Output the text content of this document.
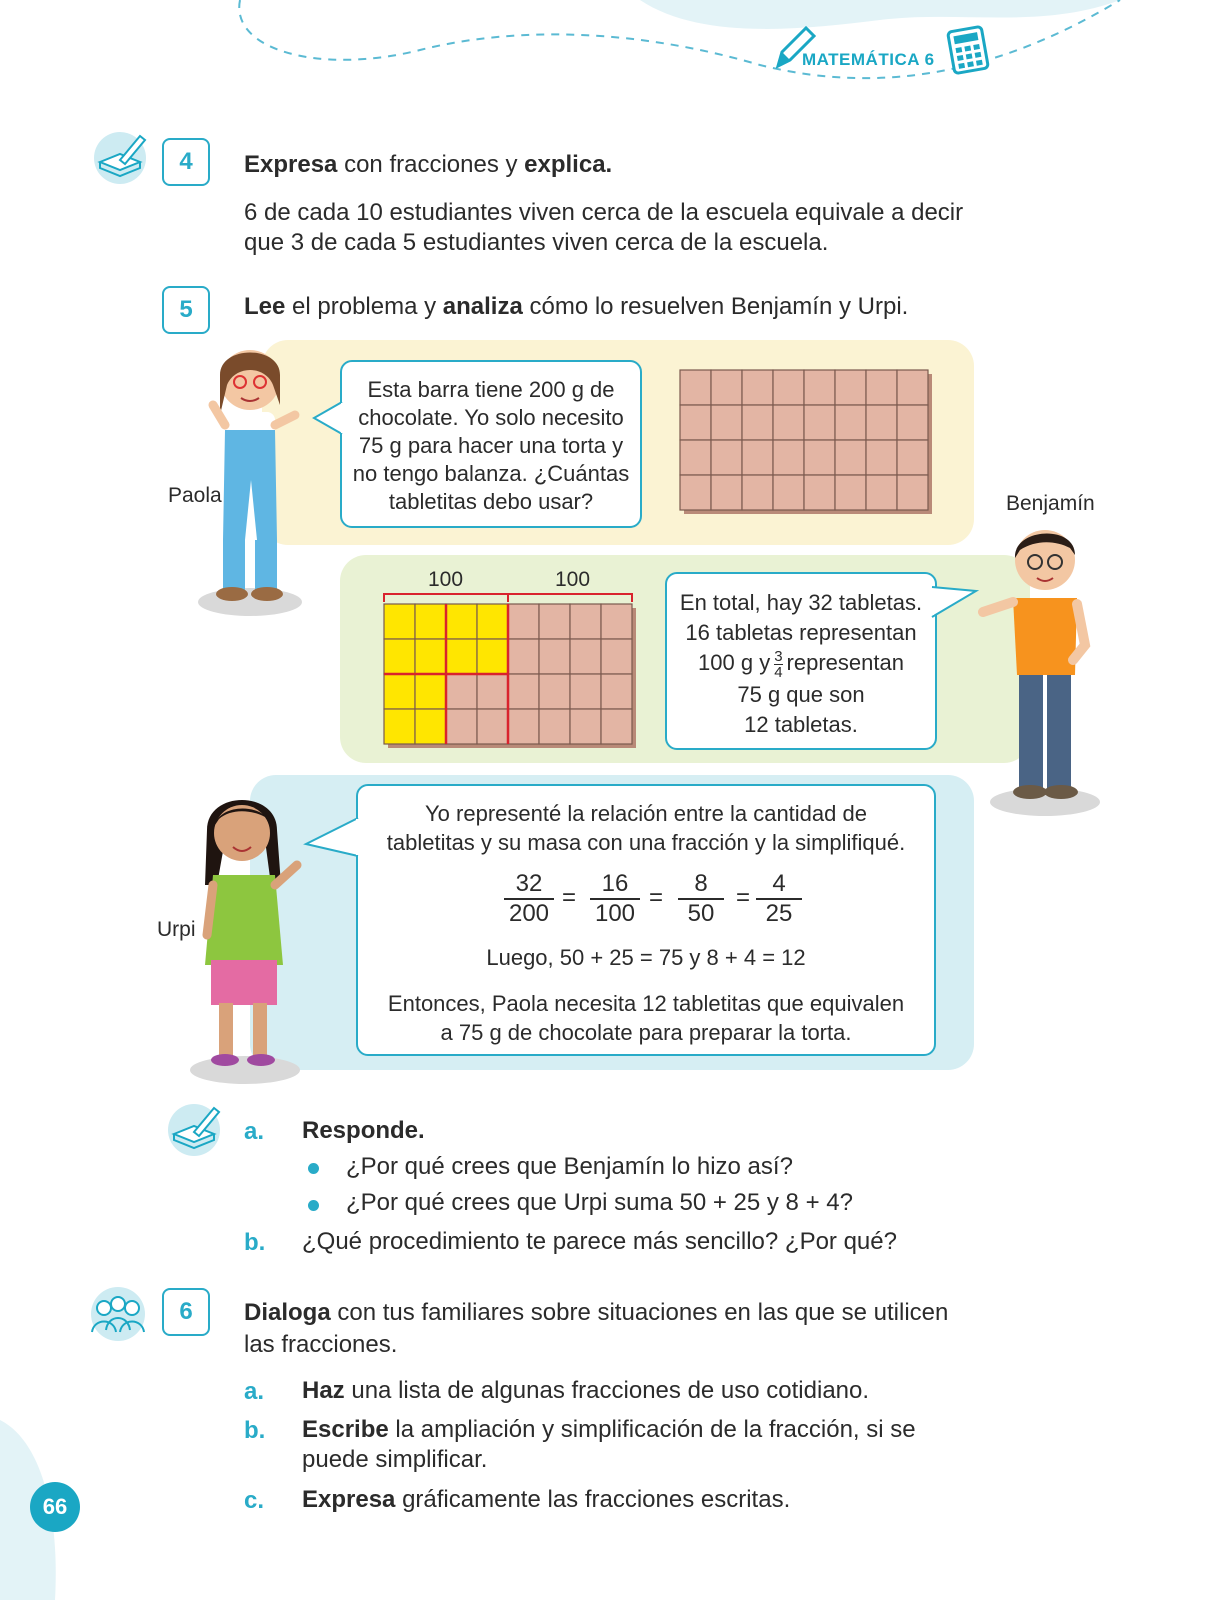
MATEMÁTICA 6
4	Expresa con fracciones y explica.
6 de cada 10 estudiantes viven cerca de la escuela equivale a decir
que 3 de cada 5 estudiantes viven cerca de la escuela.
5	Lee el problema y analiza cómo lo resuelven Benjamín y Urpi.
Paola
Esta barra tiene 200 g de
chocolate. Yo solo necesito
75 g para hacer una torta y
no tengo balanza. ¿Cuántas
tabletitas debo usar?	Benjamín
100	100
En total, hay 32 tabletas.
16 tabletas representan
100 g y $\frac{3}{4}$ representan
75 g que son
12 tabletas.
Urpi
Yo representé la relación entre la cantidad de
tabletitas y su masa con una fracción y la simplifiqué.
$\frac{32}{200} = \frac{16}{100} = \frac{8}{50} = \frac{4}{25}$
Luego, 50 + 25 = 75 y 8 + 4 = 12
Entonces, Paola necesita 12 tabletitas que equivalen
a 75 g de chocolate para preparar la torta.
a. Responde.
¿Por qué crees que Benjamín lo hizo así?
¿Por qué crees que Urpi suma 50 + 25 y 8 + 4?
b. ¿Qué procedimiento te parece más sencillo? ¿Por qué?
6	Dialoga con tus familiares sobre situaciones en las que se utilicen
las fracciones.
a. Haz una lista de algunas fracciones de uso cotidiano.
b. Escribe la ampliación y simplificación de la fracción, si se
puede simplificar.
c. Expresa gráficamente las fracciones escritas.
66
